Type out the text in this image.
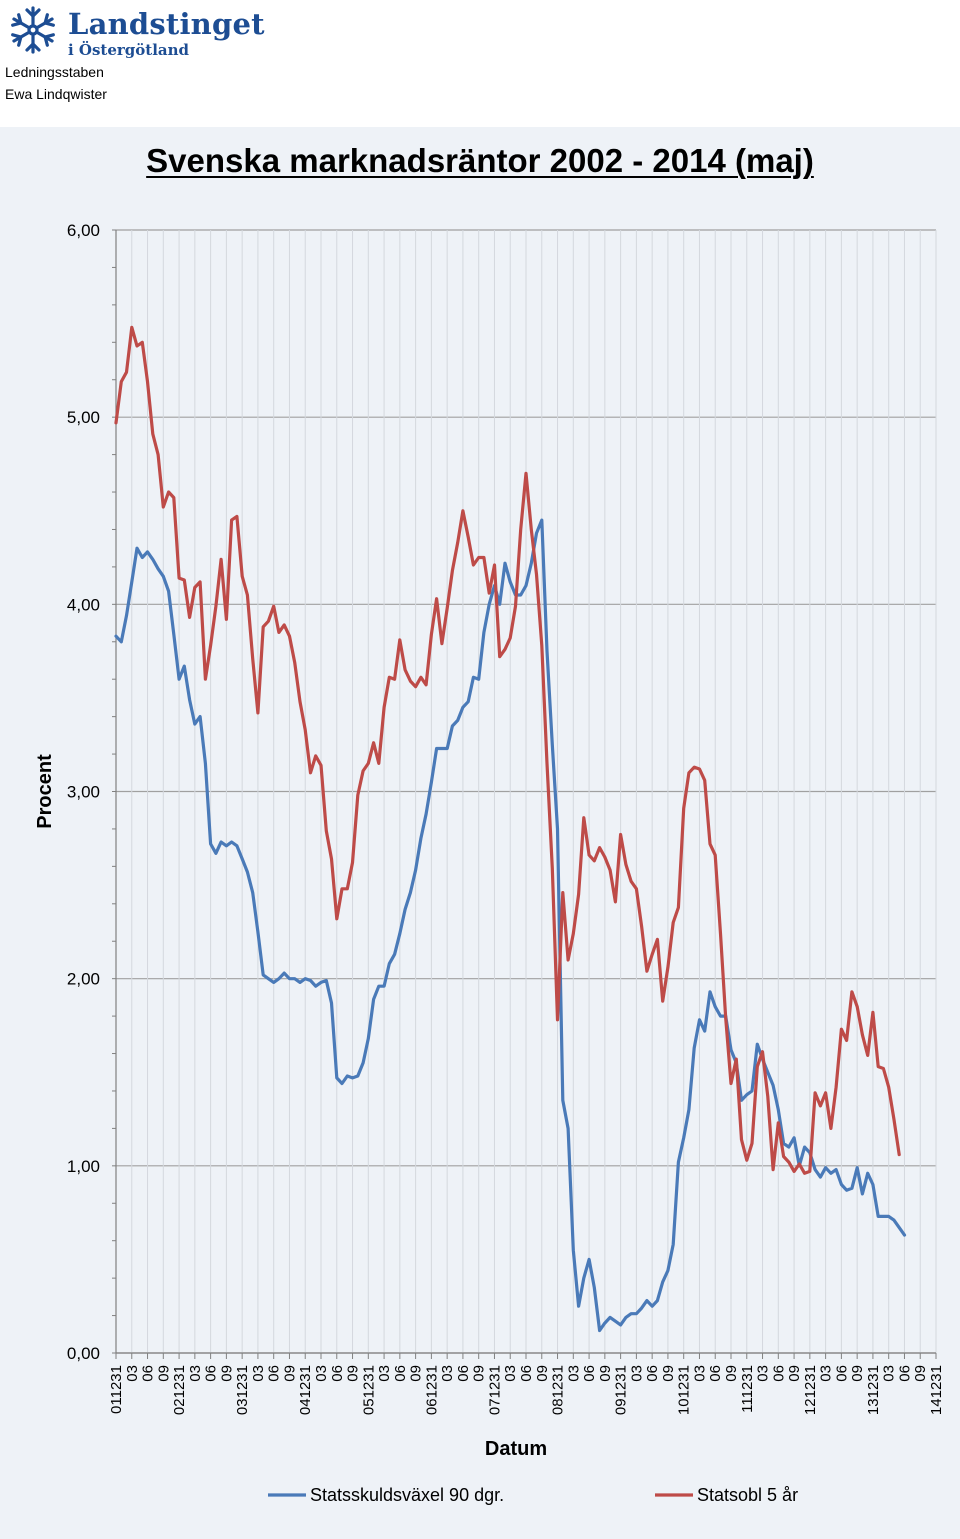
Landstinget
i Östergötland
Ledningsstaben
Ewa Lindqwister
Svenska marknadsräntor 2002 - 2014 (maj)
0,00
1,00
2,00
3,00
4,00
5,00
6,00
011231
03
06
09
021231
03
06
09
031231
03
06
09
041231
03
06
09
051231
03
06
09
061231
03
06
09
071231
03
06
09
081231
03
06
09
091231
03
06
09
101231
03
06
09
111231
03
06
09
121231
03
06
09
131231
03
06
09
141231
Procent
Datum
Statsskuldsväxel 90 dgr.	Statsobl 5 år
